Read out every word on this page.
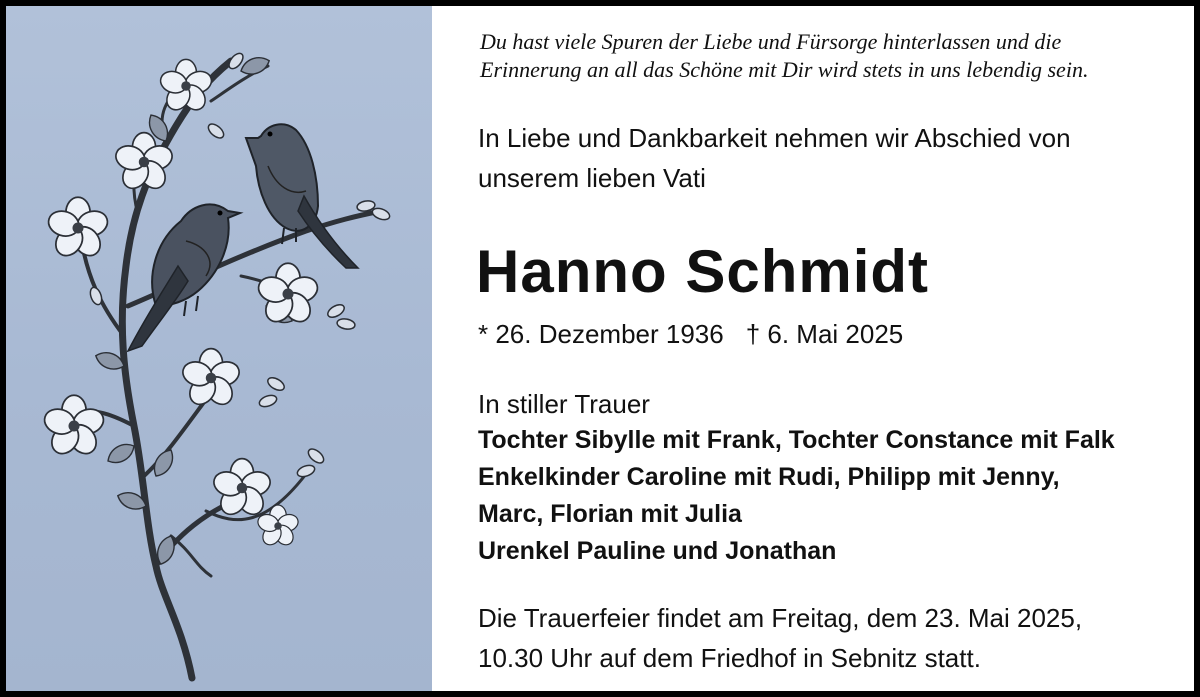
Du hast viele Spuren der Liebe und Fürsorge hinterlassen und die
Erinnerung an all das Schöne mit Dir wird stets in uns lebendig sein.
In Liebe und Dankbarkeit nehmen wir Abschied von
unserem lieben Vati
Hanno Schmidt
* 26. Dezember 1936 † 6. Mai 2025
In stiller Trauer
Tochter Sibylle mit Frank, Tochter Constance mit Falk
Enkelkinder Caroline mit Rudi, Philipp mit Jenny,
Marc, Florian mit Julia
Urenkel Pauline und Jonathan
Die Trauerfeier findet am Freitag, dem 23. Mai 2025,
10.30 Uhr auf dem Friedhof in Sebnitz statt.
